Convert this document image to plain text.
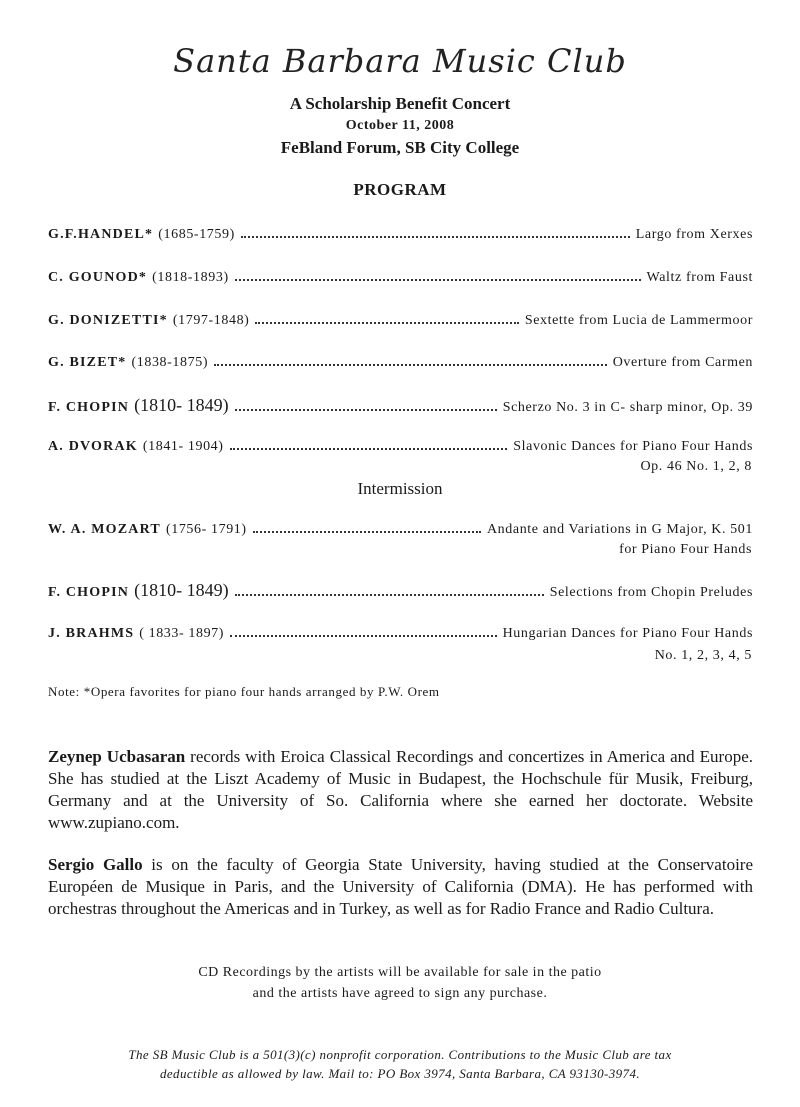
Santa Barbara Music Club
A Scholarship Benefit Concert
October 11, 2008
FeBland Forum, SB City College
PROGRAM
G.F.HANDEL* (1685-1759)	Largo from Xerxes
C. GOUNOD* (1818-1893)	Waltz from Faust
G. DONIZETTI* (1797-1848)	Sextette from Lucia de Lammermoor
G. BIZET* (1838-1875)	Overture from Carmen
F. CHOPIN (1810- 1849)	Scherzo No. 3 in C- sharp minor, Op. 39
A. DVORAK (1841- 1904)	Slavonic Dances for Piano Four Hands
Op. 46 No. 1, 2, 8
Intermission
W. A. MOZART (1756- 1791)	Andante and Variations in G Major, K. 501
for Piano Four Hands
F. CHOPIN (1810- 1849)	Selections from Chopin Preludes
J. BRAHMS ( 1833- 1897)	Hungarian Dances for Piano Four Hands
No. 1, 2, 3, 4, 5
Note: *Opera favorites for piano four hands arranged by P.W. Orem
Zeynep Ucbasaran records with Eroica Classical Recordings and concertizes in America and Europe. She has studied at the Liszt Academy of Music in Budapest, the Hochschule für Musik, Freiburg, Germany and at the University of So. California where she earned her doctorate. Website www.zupiano.com.
Sergio Gallo is on the faculty of Georgia State University, having studied at the Conservatoire Européen de Musique in Paris, and the University of California (DMA). He has performed with orchestras throughout the Americas and in Turkey, as well as for Radio France and Radio Cultura.
CD Recordings by the artists will be available for sale in the patio
and the artists have agreed to sign any purchase.
The SB Music Club is a 501(3)(c) nonprofit corporation. Contributions to the Music Club are tax
deductible as allowed by law. Mail to: PO Box 3974, Santa Barbara, CA 93130-3974.
